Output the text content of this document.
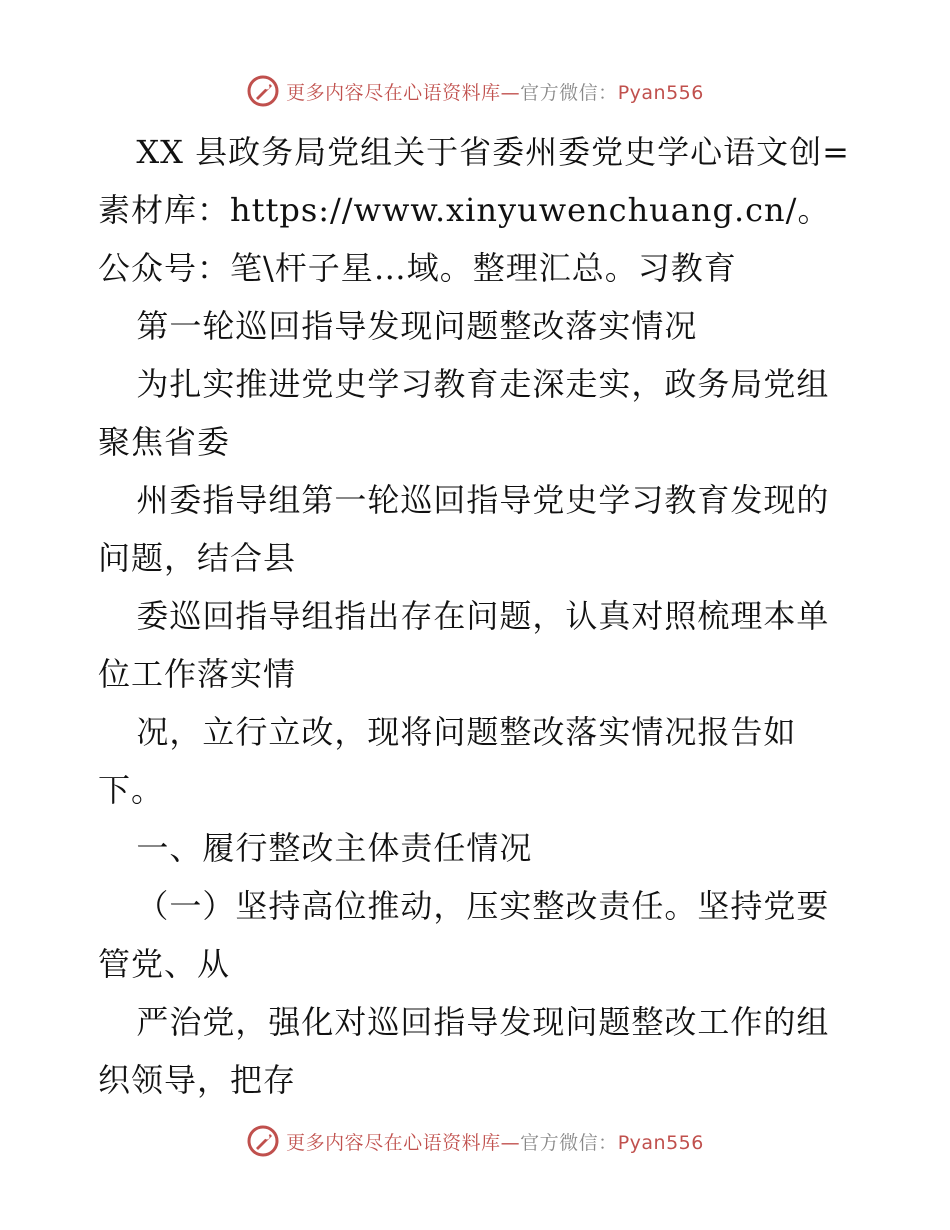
更多内容尽在心语资料库—官方微信：Pyan556

XX 县政务局党组关于省委州委党史学心语文创=素材库：https://www.xinyuwenchuang.cn/。公众号：笔\杆子星…域。整理汇总。习教育

第一轮巡回指导发现问题整改落实情况

为扎实推进党史学习教育走深走实，政务局党组聚焦省委

州委指导组第一轮巡回指导党史学习教育发现的问题，结合县

委巡回指导组指出存在问题，认真对照梳理本单位工作落实情

况，立行立改，现将问题整改落实情况报告如下。

一、履行整改主体责任情况

（一）坚持高位推动，压实整改责任。坚持党要管党、从

严治党，强化对巡回指导发现问题整改工作的组织领导，把存

更多内容尽在心语资料库—官方微信：Pyan556
